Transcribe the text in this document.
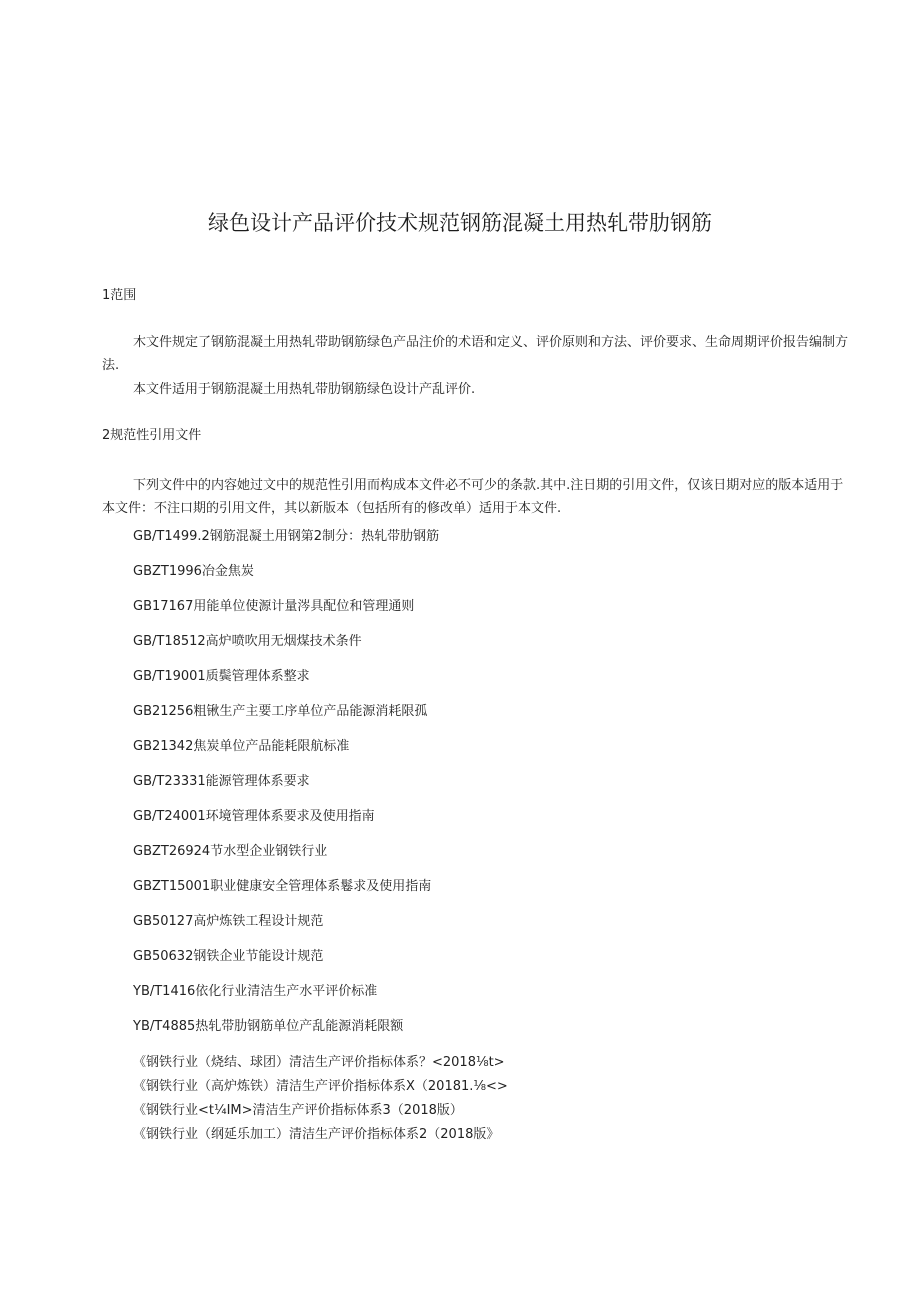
绿色设计产品评价技术规范钢筋混凝土用热轧带肋钢筋
1范围
木文件规定了钢筋混凝土用热轧带助钢筋绿色产品注价的术语和定义、评价原则和方法、评价要求、生命周期评价报告编制方法.
本文件适用于钢筋混凝土用热轧带肋钢筋绿色设计产乱评价.
2规范性引用文件
下列文件中的内容她过文中的规范性引用而构成本文件必不可少的条款.其中.注日期的引用文件，仅该日期对应的版本适用于本文件：不注口期的引用文件，其以新版本（包括所有的修改单）适用于本文件.
GB/T1499.2钢筋混凝土用钢第2制分：热轧带肋钢筋
GBZT1996冶金焦炭
GB17167用能单位使源计量涔具配位和管理通则
GB/T18512高炉喷吹用无烟煤技术条件
GB/T19001质鬓管理体系整求
GB21256粗锹生产主要工序单位产品能源消耗限孤
GB21342焦炭单位产品能耗限航标准
GB/T23331能源管理体系要求
GB/T24001环境管理体系要求及使用指南
GBZT26924节水型企业钢铁行业
GBZT15001职业健康安全管理体系鬈求及使用指南
GB50127高炉炼铁工程设计规范
GB50632钢铁企业节能设计规范
YB/T1416依化行业清洁生产水平评价标准
YB/T4885热轧带肋钢筋单位产乱能源消耗限额
《钢铁行业（烧结、球团）清洁生产评价指标体系？<2018⅛t>
《钢铁行业（高炉炼铁）清洁生产评价指标体系X（20181.⅛<>
《钢铁行业<t¼IM>清洁生产评价指标体系3（2018版）
《钢铁行业（纲延乐加工）清洁生产评价指标体系2（2018版》
